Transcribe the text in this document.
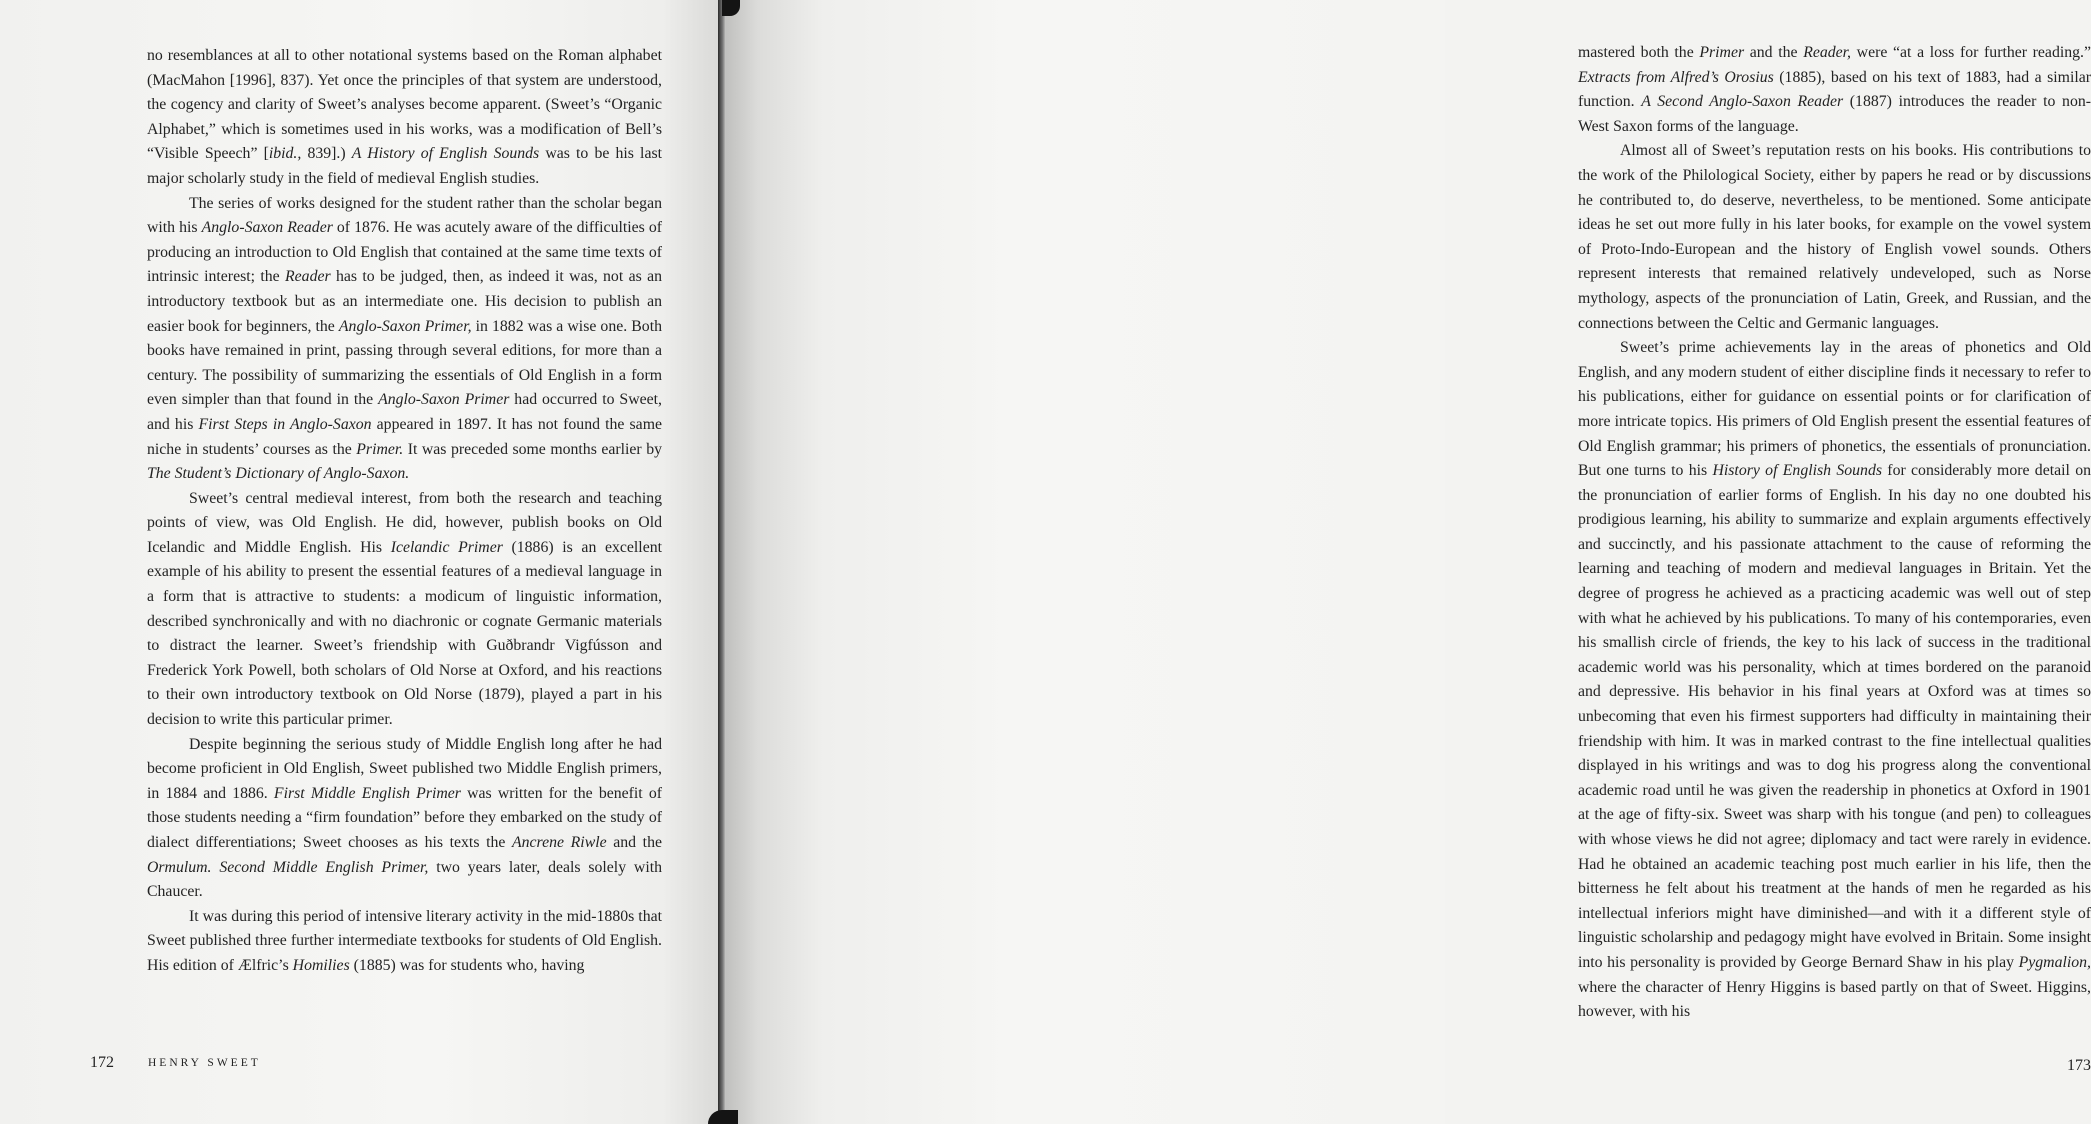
no resemblances at all to other notational systems based on the Roman alphabet (MacMahon [1996], 837). Yet once the principles of that system are understood, the cogency and clarity of Sweet’s analyses become apparent. (Sweet’s “Organic Alphabet,” which is sometimes used in his works, was a modification of Bell’s “Visible Speech” [ibid., 839].) A History of English Sounds was to be his last major scholarly study in the field of medieval English studies.

The series of works designed for the student rather than the scholar began with his Anglo-Saxon Reader of 1876. He was acutely aware of the difficulties of producing an introduction to Old English that contained at the same time texts of intrinsic interest; the Reader has to be judged, then, as indeed it was, not as an introductory textbook but as an intermediate one. His decision to publish an easier book for beginners, the Anglo-Saxon Primer, in 1882 was a wise one. Both books have remained in print, passing through several editions, for more than a century. The possibility of summarizing the essentials of Old English in a form even simpler than that found in the Anglo-Saxon Primer had occurred to Sweet, and his First Steps in Anglo-Saxon appeared in 1897. It has not found the same niche in students’ courses as the Primer. It was preceded some months earlier by The Student’s Dictionary of Anglo-Saxon.

Sweet’s central medieval interest, from both the research and teaching points of view, was Old English. He did, however, publish books on Old Icelandic and Middle English. His Icelandic Primer (1886) is an excellent example of his ability to present the essential features of a medieval language in a form that is attractive to students: a modicum of linguistic information, described synchronically and with no diachronic or cognate Germanic materials to distract the learner. Sweet’s friendship with Guðbrandr Vigfússon and Frederick York Powell, both scholars of Old Norse at Oxford, and his reactions to their own introductory textbook on Old Norse (1879), played a part in his decision to write this particular primer.

Despite beginning the serious study of Middle English long after he had become proficient in Old English, Sweet published two Middle English primers, in 1884 and 1886. First Middle English Primer was written for the benefit of those students needing a “firm foundation” before they embarked on the study of dialect differentiations; Sweet chooses as his texts the Ancrene Riwle and the Ormulum. Second Middle English Primer, two years later, deals solely with Chaucer.

It was during this period of intensive literary activity in the mid-1880s that Sweet published three further intermediate textbooks for students of Old English. His edition of Ælfric’s Homilies (1885) was for students who, having

172	HENRY SWEET

mastered both the Primer and the Reader, were “at a loss for further reading.” Extracts from Alfred’s Orosius (1885), based on his text of 1883, had a similar function. A Second Anglo-Saxon Reader (1887) introduces the reader to non-West Saxon forms of the language.

Almost all of Sweet’s reputation rests on his books. His contributions to the work of the Philological Society, either by papers he read or by discussions he contributed to, do deserve, nevertheless, to be mentioned. Some anticipate ideas he set out more fully in his later books, for example on the vowel system of Proto-Indo-European and the history of English vowel sounds. Others represent interests that remained relatively undeveloped, such as Norse mythology, aspects of the pronunciation of Latin, Greek, and Russian, and the connections between the Celtic and Germanic languages.

Sweet’s prime achievements lay in the areas of phonetics and Old English, and any modern student of either discipline finds it necessary to refer to his publications, either for guidance on essential points or for clarification of more intricate topics. His primers of Old English present the essential features of Old English grammar; his primers of phonetics, the essentials of pronunciation. But one turns to his History of English Sounds for considerably more detail on the pronunciation of earlier forms of English. In his day no one doubted his prodigious learning, his ability to summarize and explain arguments effectively and succinctly, and his passionate attachment to the cause of reforming the learning and teaching of modern and medieval languages in Britain. Yet the degree of progress he achieved as a practicing academic was well out of step with what he achieved by his publications. To many of his contemporaries, even his smallish circle of friends, the key to his lack of success in the traditional academic world was his personality, which at times bordered on the paranoid and depressive. His behavior in his final years at Oxford was at times so unbecoming that even his firmest supporters had difficulty in maintaining their friendship with him. It was in marked contrast to the fine intellectual qualities displayed in his writings and was to dog his progress along the conventional academic road until he was given the readership in phonetics at Oxford in 1901 at the age of fifty-six. Sweet was sharp with his tongue (and pen) to colleagues with whose views he did not agree; diplomacy and tact were rarely in evidence. Had he obtained an academic teaching post much earlier in his life, then the bitterness he felt about his treatment at the hands of men he regarded as his intellectual inferiors might have diminished—and with it a different style of linguistic scholarship and pedagogy might have evolved in Britain. Some insight into his personality is provided by George Bernard Shaw in his play Pygmalion, where the character of Henry Higgins is based partly on that of Sweet. Higgins, however, with his

173
